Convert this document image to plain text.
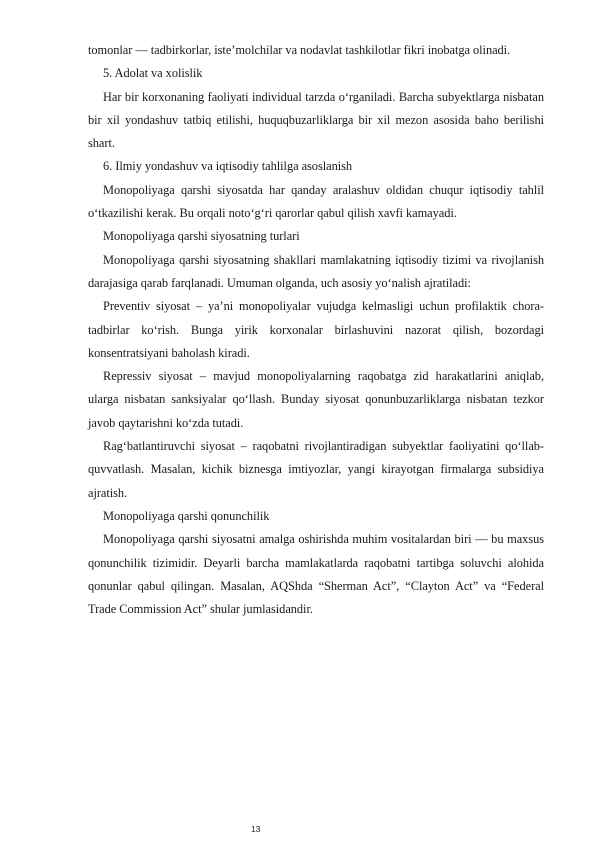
tomonlar — tadbirkorlar, iste’molchilar va nodavlat tashkilotlar fikri inobatga olinadi.

5. Adolat va xolislik

Har bir korxonaning faoliyati individual tarzda o‘rganiladi. Barcha subyektlarga nisbatan bir xil yondashuv tatbiq etilishi, huquqbuzarliklarga bir xil mezon asosida baho berilishi shart.

6. Ilmiy yondashuv va iqtisodiy tahlilga asoslanish

Monopoliyaga qarshi siyosatda har qanday aralashuv oldidan chuqur iqtisodiy tahlil o‘tkazilishi kerak. Bu orqali noto‘g‘ri qarorlar qabul qilish xavfi kamayadi.

Monopoliyaga qarshi siyosatning turlari

Monopoliyaga qarshi siyosatning shakllari mamlakatning iqtisodiy tizimi va rivojlanish darajasiga qarab farqlanadi. Umuman olganda, uch asosiy yo‘nalish ajratiladi:

Preventiv siyosat – ya’ni monopoliyalar vujudga kelmasligi uchun profilaktik chora-tadbirlar ko‘rish. Bunga yirik korxonalar birlashuvini nazorat qilish, bozordagi konsentratsiyani baholash kiradi.

Repressiv siyosat – mavjud monopoliyalarning raqobatga zid harakatlarini aniqlab, ularga nisbatan sanksiyalar qo‘llash. Bunday siyosat qonunbuzarliklarga nisbatan tezkor javob qaytarishni ko‘zda tutadi.

Rag‘batlantiruvchi siyosat – raqobatni rivojlantiradigan subyektlar faoliyatini qo‘llab-quvvatlash. Masalan, kichik biznesga imtiyozlar, yangi kirayotgan firmalarga subsidiya ajratish.

Monopoliyaga qarshi qonunchilik

Monopoliyaga qarshi siyosatni amalga oshirishda muhim vositalardan biri — bu maxsus qonunchilik tizimidir. Deyarli barcha mamlakatlarda raqobatni tartibga soluvchi alohida qonunlar qabul qilingan. Masalan, AQShda “Sherman Act”, “Clayton Act” va “Federal Trade Commission Act” shular jumlasidandir.

13
